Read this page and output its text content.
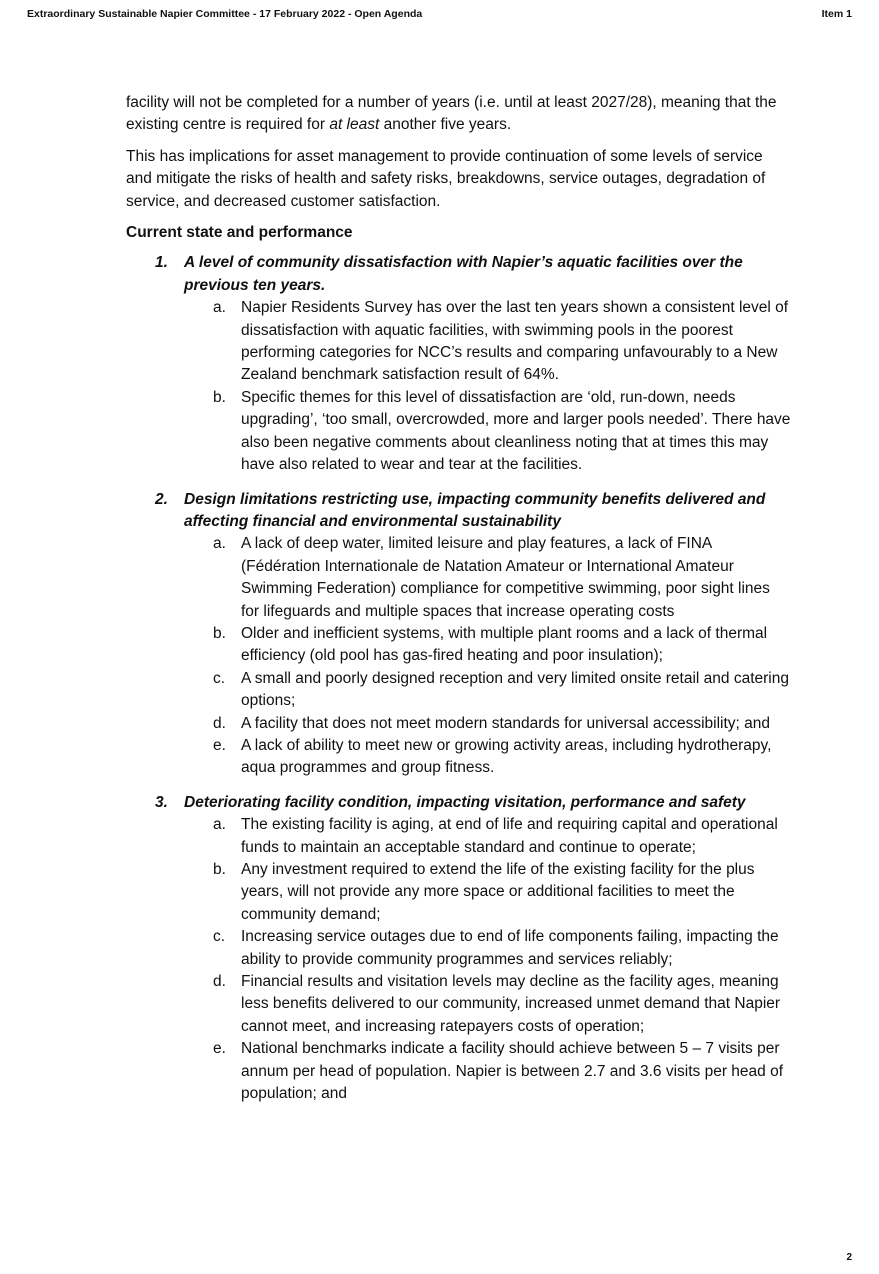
Extraordinary Sustainable Napier Committee - 17 February 2022 - Open Agenda	Item 1

facility will not be completed for a number of years (i.e. until at least 2027/28), meaning that the existing centre is required for at least another five years.

This has implications for asset management to provide continuation of some levels of service and mitigate the risks of health and safety risks, breakdowns, service outages, degradation of service, and decreased customer satisfaction.

Current state and performance
1.	A level of community dissatisfaction with Napier’s aquatic facilities over the previous ten years.
a. Napier Residents Survey has over the last ten years shown a consistent level of dissatisfaction with aquatic facilities, with swimming pools in the poorest performing categories for NCC’s results and comparing unfavourably to a New Zealand benchmark satisfaction result of 64%.
b. Specific themes for this level of dissatisfaction are ‘old, run-down, needs upgrading’, ‘too small, overcrowded, more and larger pools needed’. There have also been negative comments about cleanliness noting that at times this may have also related to wear and tear at the facilities.
2.	Design limitations restricting use, impacting community benefits delivered and affecting financial and environmental sustainability
a. A lack of deep water, limited leisure and play features, a lack of FINA (Fédération Internationale de Natation Amateur or International Amateur Swimming Federation) compliance for competitive swimming, poor sight lines for lifeguards and multiple spaces that increase operating costs
b. Older and inefficient systems, with multiple plant rooms and a lack of thermal efficiency (old pool has gas-fired heating and poor insulation);
c.	A small and poorly designed reception and very limited onsite retail and catering options;
d. A facility that does not meet modern standards for universal accessibility; and
e. A lack of ability to meet new or growing activity areas, including hydrotherapy, aqua programmes and group fitness.
3.	Deteriorating facility condition, impacting visitation, performance and safety
a. The existing facility is aging, at end of life and requiring capital and operational funds to maintain an acceptable standard and continue to operate;
b. Any investment required to extend the life of the existing facility for the plus years, will not provide any more space or additional facilities to meet the community demand;
c.	Increasing service outages due to end of life components failing, impacting the ability to provide community programmes and services reliably;
d. Financial results and visitation levels may decline as the facility ages, meaning less benefits delivered to our community, increased unmet demand that Napier cannot meet, and increasing ratepayers costs of operation;
e. National benchmarks indicate a facility should achieve between 5 – 7 visits per annum per head of population. Napier is between 2.7 and 3.6 visits per head of population; and
2
